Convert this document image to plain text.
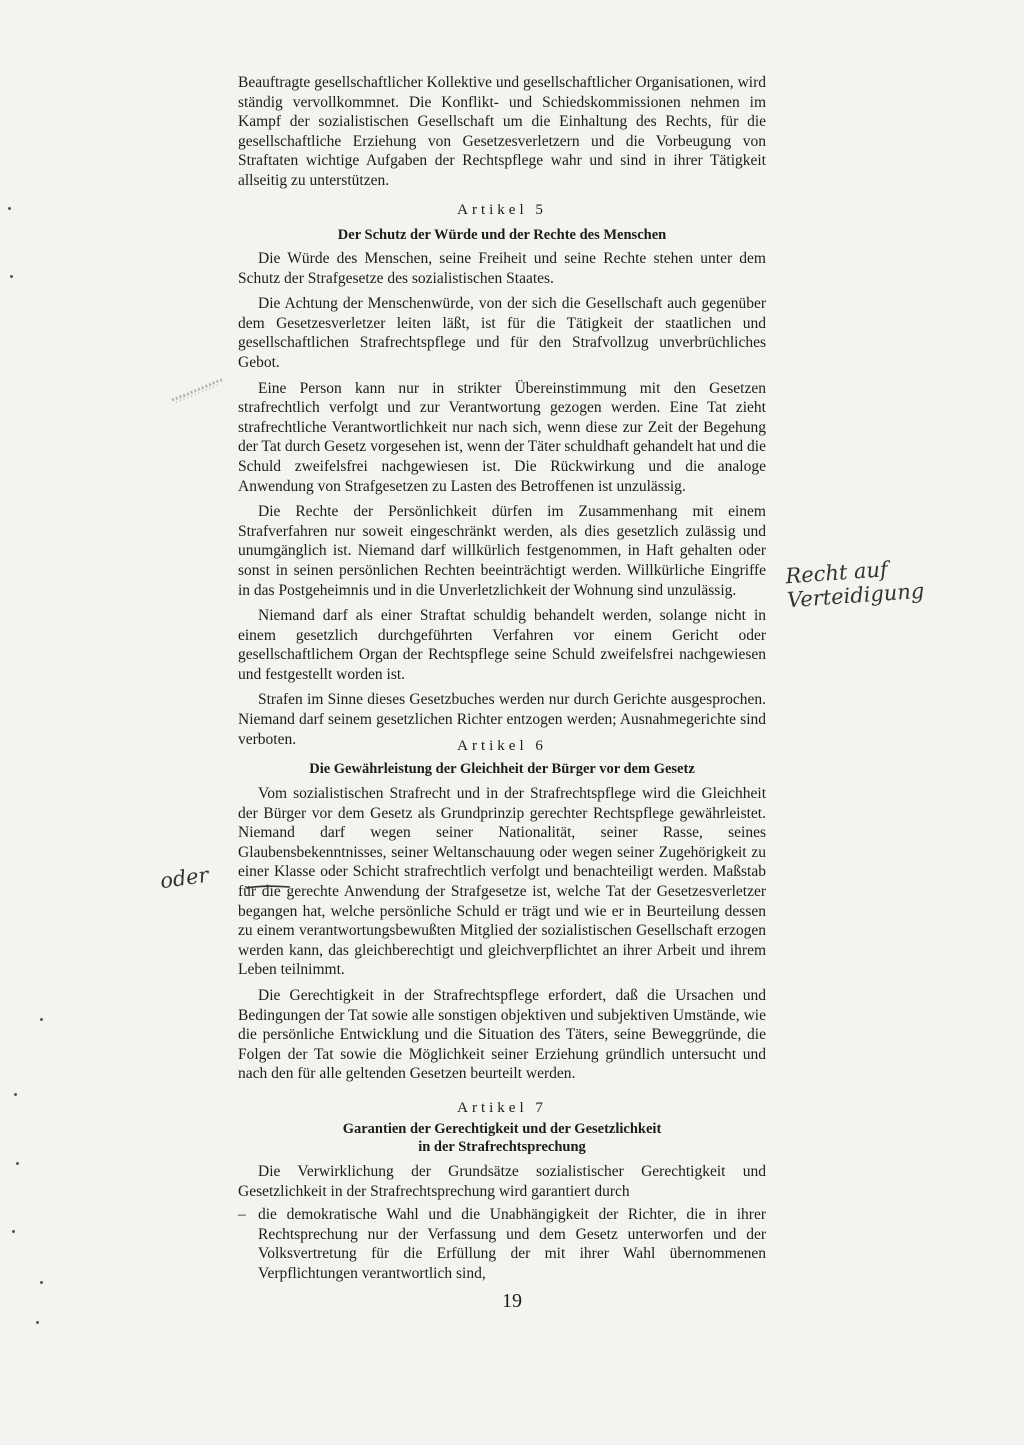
Beauftragte gesellschaftlicher Kollektive und gesellschaftlicher Organisationen, wird ständig vervollkommnet. Die Konflikt- und Schiedskommissionen nehmen im Kampf der sozialistischen Gesellschaft um die Einhaltung des Rechts, für die gesellschaftliche Erziehung von Gesetzesverletzern und die Vorbeugung von Straftaten wichtige Aufgaben der Rechtspflege wahr und sind in ihrer Tätigkeit allseitig zu unterstützen.

Artikel 5

Der Schutz der Würde und der Rechte des Menschen

Die Würde des Menschen, seine Freiheit und seine Rechte stehen unter dem Schutz der Strafgesetze des sozialistischen Staates.

Die Achtung der Menschenwürde, von der sich die Gesellschaft auch gegenüber dem Gesetzesverletzer leiten läßt, ist für die Tätigkeit der staatlichen und gesellschaftlichen Strafrechtspflege und für den Strafvollzug unverbrüchliches Gebot.

Eine Person kann nur in strikter Übereinstimmung mit den Gesetzen strafrechtlich verfolgt und zur Verantwortung gezogen werden. Eine Tat zieht strafrechtliche Verantwortlichkeit nur nach sich, wenn diese zur Zeit der Begehung der Tat durch Gesetz vorgesehen ist, wenn der Täter schuldhaft gehandelt hat und die Schuld zweifelsfrei nachgewiesen ist. Die Rückwirkung und die analoge Anwendung von Strafgesetzen zu Lasten des Betroffenen ist unzulässig.

Die Rechte der Persönlichkeit dürfen im Zusammenhang mit einem Strafverfahren nur soweit eingeschränkt werden, als dies gesetzlich zulässig und unumgänglich ist. Niemand darf willkürlich festgenommen, in Haft gehalten oder sonst in seinen persönlichen Rechten beeinträchtigt werden. Willkürliche Eingriffe in das Postgeheimnis und in die Unverletzlichkeit der Wohnung sind unzulässig.

Niemand darf als einer Straftat schuldig behandelt werden, solange nicht in einem gesetzlich durchgeführten Verfahren vor einem Gericht oder gesellschaftlichem Organ der Rechtspflege seine Schuld zweifelsfrei nachgewiesen und festgestellt worden ist.

Strafen im Sinne dieses Gesetzbuches werden nur durch Gerichte ausgesprochen. Niemand darf seinem gesetzlichen Richter entzogen werden; Ausnahmegerichte sind verboten.	Artikel 6

Die Gewährleistung der Gleichheit der Bürger vor dem Gesetz

Vom sozialistischen Strafrecht und in der Strafrechtspflege wird die Gleichheit der Bürger vor dem Gesetz als Grundprinzip gerechter Rechtspflege gewährleistet. Niemand darf wegen seiner Nationalität, seiner Rasse, seines Glaubensbekenntnisses, seiner Weltanschauung oder wegen seiner Zugehörigkeit zu einer Klasse oder Schicht strafrechtlich verfolgt und benachteiligt werden. Maßstab für die gerechte Anwendung der Strafgesetze ist, welche Tat der Gesetzesverletzer begangen hat, welche persönliche Schuld er trägt und wie er in Beurteilung dessen zu einem verantwortungsbewußten Mitglied der sozialistischen Gesellschaft erzogen werden kann, das gleichberechtigt und gleichverpflichtet an ihrer Arbeit und ihrem Leben teilnimmt.

Die Gerechtigkeit in der Strafrechtspflege erfordert, daß die Ursachen und Bedingungen der Tat sowie alle sonstigen objektiven und subjektiven Umstände, wie die persönliche Entwicklung und die Situation des Täters, seine Beweggründe, die Folgen der Tat sowie die Möglichkeit seiner Erziehung gründlich untersucht und nach den für alle geltenden Gesetzen beurteilt werden.

Artikel 7

Garantien der Gerechtigkeit und der Gesetzlichkeit

in der Strafrechtsprechung

Die Verwirklichung der Grundsätze sozialistischer Gerechtigkeit und Gesetzlichkeit in der Strafrechtsprechung wird garantiert durch

– die demokratische Wahl und die Unabhängigkeit der Richter, die in ihrer Rechtsprechung nur der Verfassung und dem Gesetz unterworfen und der Volksvertretung für die Erfüllung der mit ihrer Wahl übernommenen Verpflichtungen verantwortlich sind,
19
Recht auf Verteidigung
oder
